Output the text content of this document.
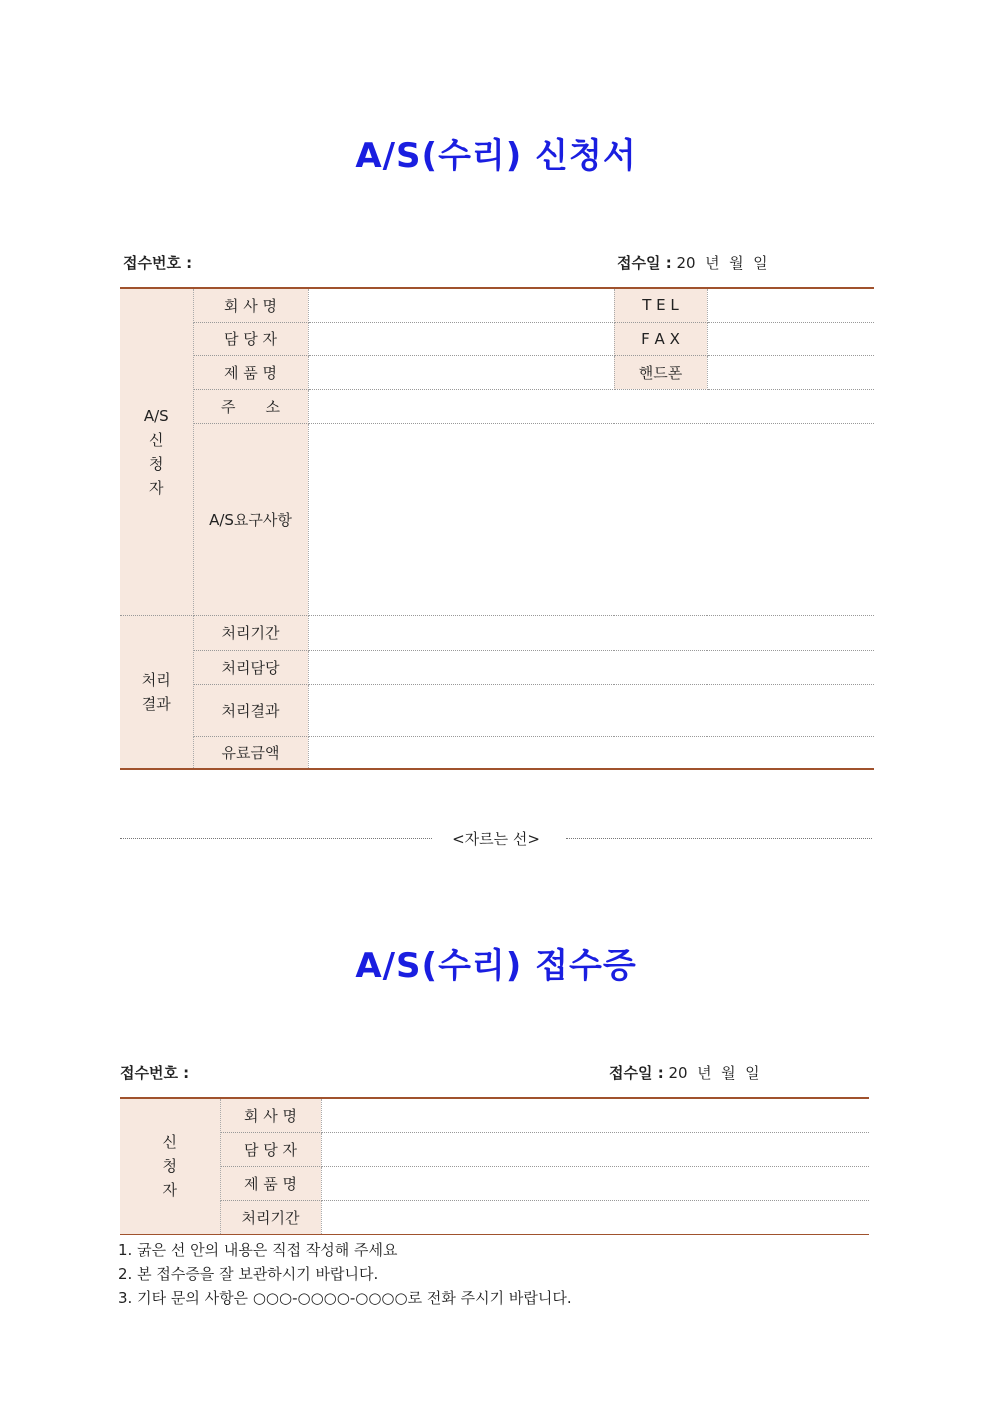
A/S(수리) 신청서
접수번호 :	접수일 : 20  년  월  일
A/S
신
청
자	회 사 명		T E L	
	담 당 자		F A X	
	제 품 명		핸드폰	
	주　　소			
	A/S요구사항			

처리
결과	처리기간			
	처리담당			
	처리결과			
	유료금액			
<자르는 선>
A/S(수리) 접수증
접수번호 :	접수일 : 20  년  월  일
신
청
자	회 사 명	
	담 당 자	
	제 품 명	
	처리기간	
1. 굵은 선 안의 내용은 직접 작성해 주세요
2. 본 접수증을 잘 보관하시기 바랍니다.
3. 기타 문의 사항은 ○○○-○○○○-○○○○로 전화 주시기 바랍니다.
